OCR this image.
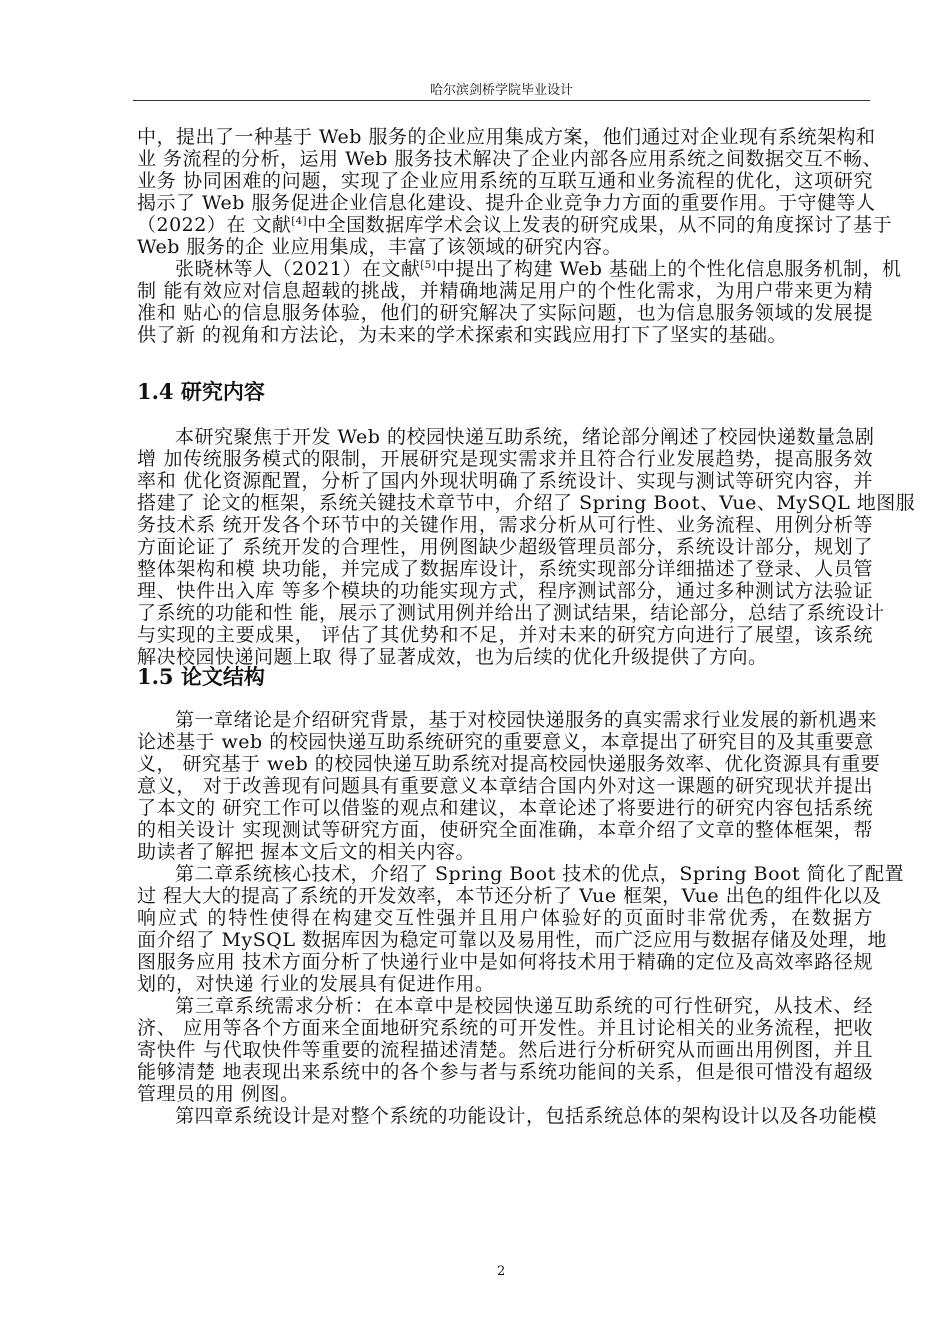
哈尔滨剑桥学院毕业设计
中，提出了一种基于 Web 服务的企业应用集成方案，他们通过对企业现有系统架构和
业 务流程的分析，运用 Web 服务技术解决了企业内部各应用系统之间数据交互不畅、
业务 协同困难的问题，实现了企业应用系统的互联互通和业务流程的优化，这项研究
揭示了 Web 服务促进企业信息化建设、提升企业竞争力方面的重要作用。于守健等人
（2022）在 文献[4]中全国数据库学术会议上发表的研究成果，从不同的角度探讨了基于
Web 服务的企 业应用集成，丰富了该领域的研究内容。
张晓林等人（2021）在文献[5]中提出了构建 Web 基础上的个性化信息服务机制，机
制 能有效应对信息超载的挑战，并精确地满足用户的个性化需求，为用户带来更为精
准和 贴心的信息服务体验，他们的研究解决了实际问题，也为信息服务领域的发展提
供了新 的视角和方法论，为未来的学术探索和实践应用打下了坚实的基础。
1.4 研究内容
本研究聚焦于开发 Web 的校园快递互助系统，绪论部分阐述了校园快递数量急剧
增 加传统服务模式的限制，开展研究是现实需求并且符合行业发展趋势，提高服务效
率和 优化资源配置，分析了国内外现状明确了系统设计、实现与测试等研究内容，并
搭建了 论文的框架，系统关键技术章节中，介绍了 Spring Boot、Vue、MySQL 地图服
务技术系 统开发各个环节中的关键作用，需求分析从可行性、业务流程、用例分析等
方面论证了 系统开发的合理性，用例图缺少超级管理员部分，系统设计部分，规划了
整体架构和模 块功能，并完成了数据库设计，系统实现部分详细描述了登录、人员管
理、快件出入库 等多个模块的功能实现方式，程序测试部分，通过多种测试方法验证
了系统的功能和性 能，展示了测试用例并给出了测试结果，结论部分，总结了系统设计
与实现的主要成果， 评估了其优势和不足，并对未来的研究方向进行了展望，该系统
解决校园快递问题上取 得了显著成效，也为后续的优化升级提供了方向。
1.5 论文结构
第一章绪论是介绍研究背景，基于对校园快递服务的真实需求行业发展的新机遇来
论述基于 web 的校园快递互助系统研究的重要意义，本章提出了研究目的及其重要意
义， 研究基于 web 的校园快递互助系统对提高校园快递服务效率、优化资源具有重要
意义， 对于改善现有问题具有重要意义本章结合国内外对这一课题的研究现状并提出
了本文的 研究工作可以借鉴的观点和建议，本章论述了将要进行的研究内容包括系统
的相关设计 实现测试等研究方面，使研究全面准确，本章介绍了文章的整体框架，帮
助读者了解把 握本文后文的相关内容。
第二章系统核心技术，介绍了 Spring Boot 技术的优点，Spring Boot 简化了配置
过 程大大的提高了系统的开发效率，本节还分析了 Vue 框架，Vue 出色的组件化以及
响应式 的特性使得在构建交互性强并且用户体验好的页面时非常优秀，在数据方
面介绍了 MySQL 数据库因为稳定可靠以及易用性，而广泛应用与数据存储及处理，地
图服务应用 技术方面分析了快递行业中是如何将技术用于精确的定位及高效率路径规
划的，对快递 行业的发展具有促进作用。
第三章系统需求分析：在本章中是校园快递互助系统的可行性研究，从技术、经
济、 应用等各个方面来全面地研究系统的可开发性。并且讨论相关的业务流程，把收
寄快件 与代取快件等重要的流程描述清楚。然后进行分析研究从而画出用例图，并且
能够清楚 地表现出来系统中的各个参与者与系统功能间的关系，但是很可惜没有超级
管理员的用 例图。
第四章系统设计是对整个系统的功能设计，包括系统总体的架构设计以及各功能模
2
